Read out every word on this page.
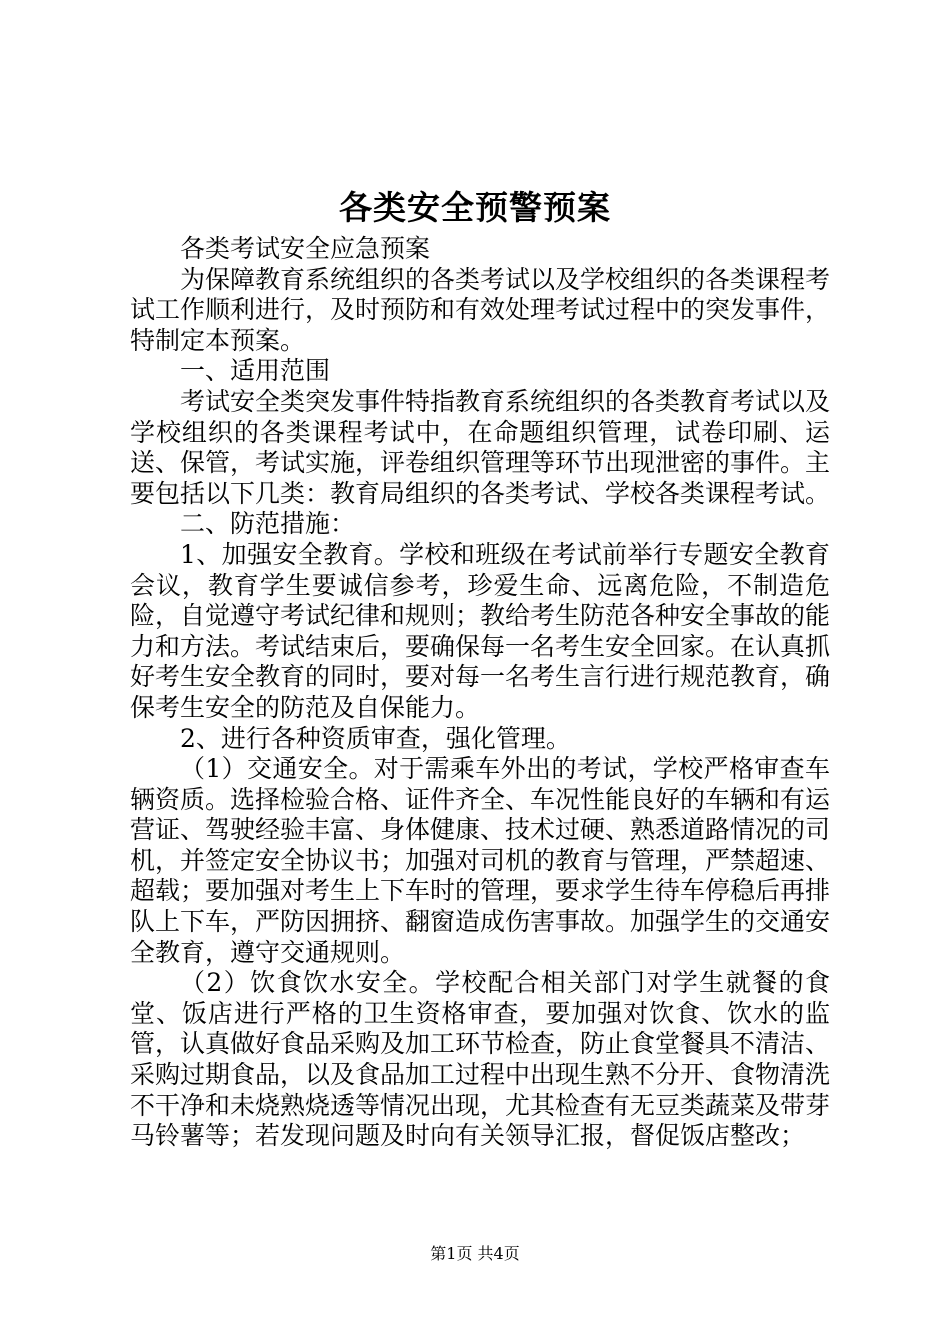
各类安全预警预案

各类考试安全应急预案

为保障教育系统组织的各类考试以及学校组织的各类课程考试工作顺利进行，及时预防和有效处理考试过程中的突发事件，特制定本预案。

一、适用范围

考试安全类突发事件特指教育系统组织的各类教育考试以及学校组织的各类课程考试中，在命题组织管理，试卷印刷、运送、保管，考试实施，评卷组织管理等环节出现泄密的事件。主要包括以下几类：教育局组织的各类考试、学校各类课程考试。

二、防范措施：

1、加强安全教育。学校和班级在考试前举行专题安全教育会议，教育学生要诚信参考，珍爱生命、远离危险，不制造危险，自觉遵守考试纪律和规则；教给考生防范各种安全事故的能力和方法。考试结束后，要确保每一名考生安全回家。在认真抓好考生安全教育的同时，要对每一名考生言行进行规范教育，确保考生安全的防范及自保能力。

2、进行各种资质审查，强化管理。

（1）交通安全。对于需乘车外出的考试，学校严格审查车辆资质。选择检验合格、证件齐全、车况性能良好的车辆和有运营证、驾驶经验丰富、身体健康、技术过硬、熟悉道路情况的司机，并签定安全协议书；加强对司机的教育与管理，严禁超速、超载；要加强对考生上下车时的管理，要求学生待车停稳后再排队上下车，严防因拥挤、翻窗造成伤害事故。加强学生的交通安全教育，遵守交通规则。

（2）饮食饮水安全。学校配合相关部门对学生就餐的食堂、饭店进行严格的卫生资格审查，要加强对饮食、饮水的监管，认真做好食品采购及加工环节检查，防止食堂餐具不清洁、采购过期食品，以及食品加工过程中出现生熟不分开、食物清洗不干净和未烧熟烧透等情况出现，尤其检查有无豆类蔬菜及带芽马铃薯等；若发现问题及时向有关领导汇报，督促饭店整改；

第1页 共4页
